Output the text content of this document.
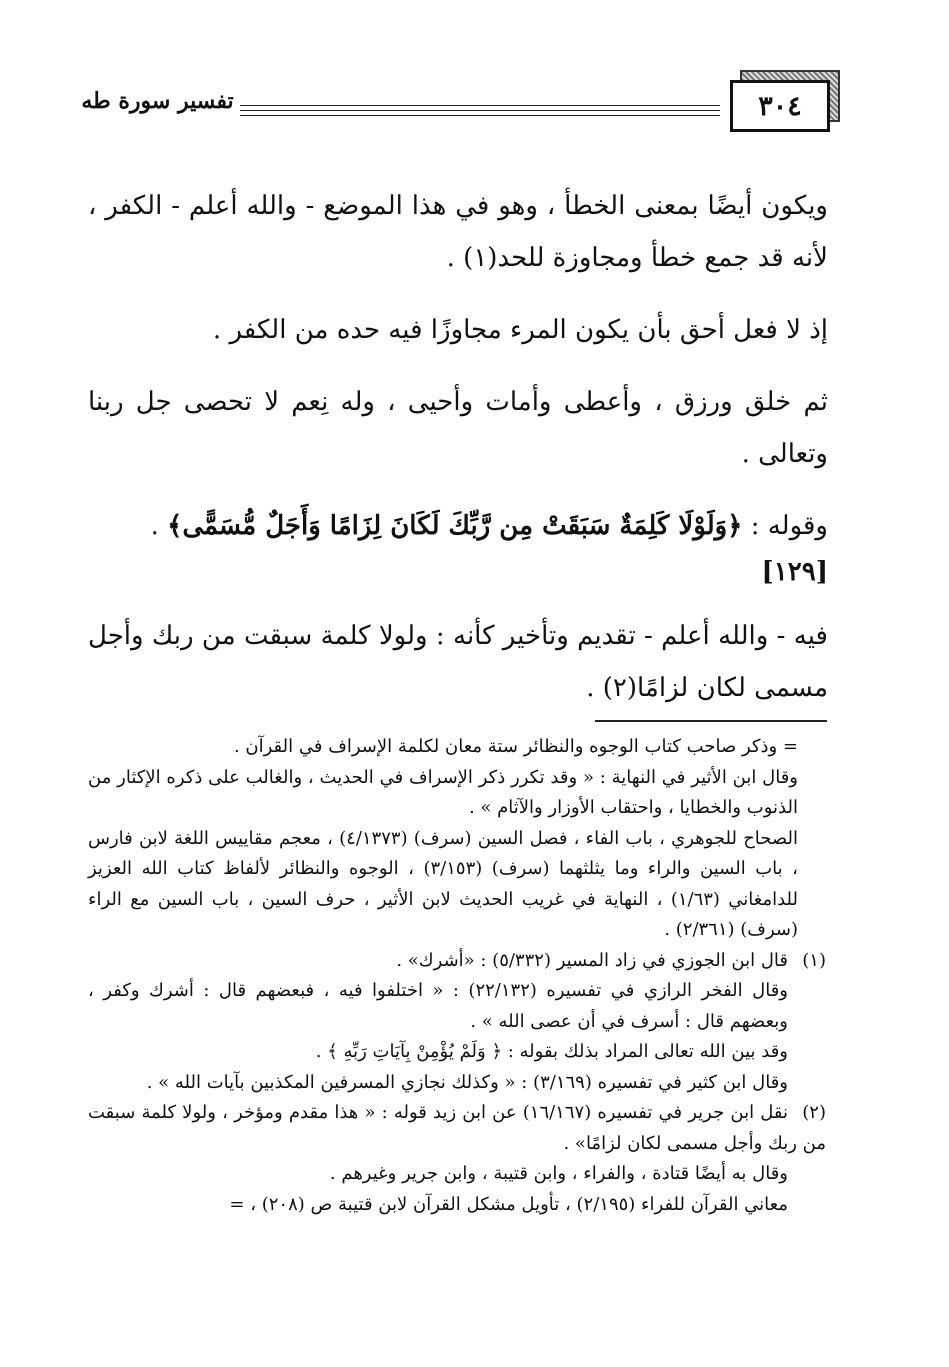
٣٠٤
تفسير سورة طه

ويكون أيضًا بمعنى الخطأ ، وهو في هذا الموضع - والله أعلم - الكفر ، لأنه قد جمع خطأ ومجاوزة للحد(١) .

إذ لا فعل أحق بأن يكون المرء مجاوزًا فيه حده من الكفر .

ثم خلق ورزق ، وأعطى وأمات وأحيى ، وله نِعم لا تحصى جل ربنا وتعالى .

وقوله : ﴿وَلَوْلَا كَلِمَةٌ سَبَقَتْ مِن رَّبِّكَ لَكَانَ لِزَامًا وَأَجَلٌ مُّسَمًّى﴾ .
[١٢٩]

فيه - والله أعلم - تقديم وتأخير كأنه : ولولا كلمة سبقت من ربك وأجل مسمى لكان لزامًا(٢) .

= وذكر صاحب كتاب الوجوه والنظائر ستة معان لكلمة الإسراف في القرآن .

وقال ابن الأثير في النهاية : « وقد تكرر ذكر الإسراف في الحديث ، والغالب على ذكره الإكثار من الذنوب والخطايا ، واحتقاب الأوزار والآثام » .

الصحاح للجوهري ، باب الفاء ، فصل السين (سرف) (٤/١٣٧٣) ، معجم مقاييس اللغة لابن فارس ، باب السين والراء وما يثلثهما (سرف) (٣/١٥٣) ، الوجوه والنظائر لألفاظ كتاب الله العزيز للدامغاني (١/٦٣) ، النهاية في غريب الحديث لابن الأثير ، حرف السين ، باب السين مع الراء (سرف) (٢/٣٦١) .

(١)قال ابن الجوزي في زاد المسير (٥/٣٣٢) : «أشرك» .

وقال الفخر الرازي في تفسيره (٢٢/١٣٢) : « اختلفوا فيه ، فبعضهم قال : أشرك وكفر ، وبعضهم قال : أسرف في أن عصى الله » .

وقد بين الله تعالى المراد بذلك بقوله : ﴿ وَلَمْ يُؤْمِنْ بِآيَاتِ رَبِّهِ ﴾ .

وقال ابن كثير في تفسيره (٣/١٦٩) : « وكذلك نجازي المسرفين المكذبين بآيات الله » .

(٢)نقل ابن جرير في تفسيره (١٦/١٦٧) عن ابن زيد قوله : « هذا مقدم ومؤخر ، ولولا كلمة سبقت من ربك وأجل مسمى لكان لزامًا» .

وقال به أيضًا قتادة ، والفراء ، وابن قتيبة ، وابن جرير وغيرهم .

معاني القرآن للفراء (٢/١٩٥) ، تأويل مشكل القرآن لابن قتيبة ص (٢٠٨) ، =
